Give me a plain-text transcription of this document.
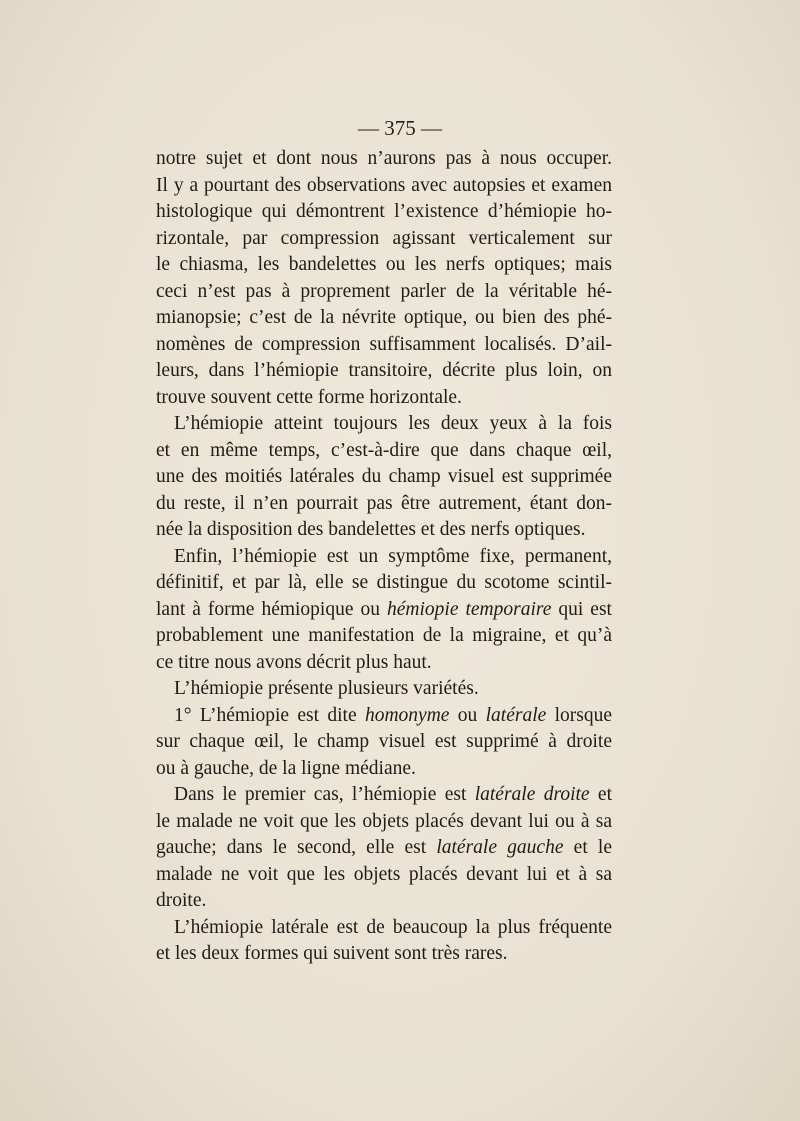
— 375 —
notre sujet et dont nous n’aurons pas à nous occuper.
Il y a pourtant des observations avec autopsies et examen
histologique qui démontrent l’existence d’hémiopie ho-
rizontale, par compression agissant verticalement sur
le chiasma, les bandelettes ou les nerfs optiques; mais
ceci n’est pas à proprement parler de la véritable hé-
mianopsie; c’est de la névrite optique, ou bien des phé-
nomènes de compression suffisamment localisés. D’ail-
leurs, dans l’hémiopie transitoire, décrite plus loin, on
trouve souvent cette forme horizontale.
L’hémiopie atteint toujours les deux yeux à la fois
et en même temps, c’est-à-dire que dans chaque œil,
une des moitiés latérales du champ visuel est supprimée
du reste, il n’en pourrait pas être autrement, étant don-
née la disposition des bandelettes et des nerfs optiques.
Enfin, l’hémiopie est un symptôme fixe, permanent,
définitif, et par là, elle se distingue du scotome scintil-
lant à forme hémiopique ou hémiopie temporaire qui est
probablement une manifestation de la migraine, et qu’à
ce titre nous avons décrit plus haut.
L’hémiopie présente plusieurs variétés.
1° L’hémiopie est dite homonyme ou latérale lorsque
sur chaque œil, le champ visuel est supprimé à droite
ou à gauche, de la ligne médiane.
Dans le premier cas, l’hémiopie est latérale droite et
le malade ne voit que les objets placés devant lui ou à sa
gauche; dans le second, elle est latérale gauche et le
malade ne voit que les objets placés devant lui et à sa
droite.
L’hémiopie latérale est de beaucoup la plus fréquente
et les deux formes qui suivent sont très rares.
